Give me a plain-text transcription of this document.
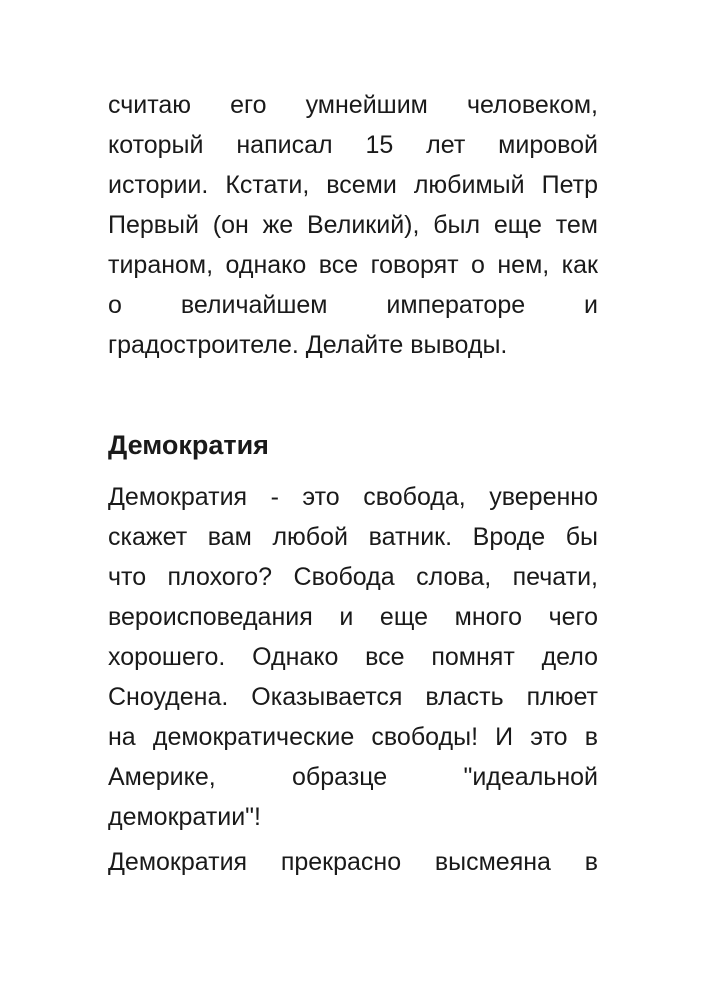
считаю его умнейшим человеком,
который написал 15 лет мировой
истории. Кстати, всеми любимый Петр
Первый (он же Великий), был еще тем
тираном, однако все говорят о нем, как
о величайшем императоре и
градостроителе. Делайте выводы.

Демократия

Демократия - это свобода, уверенно
скажет вам любой ватник. Вроде бы
что плохого? Свобода слова, печати,
вероисповедания и еще много чего
хорошего. Однако все помнят дело
Сноудена. Оказывается власть плюет
на демократические свободы! И это в
Америке, образце "идеальной
демократии"!

Демократия прекрасно высмеяна в
